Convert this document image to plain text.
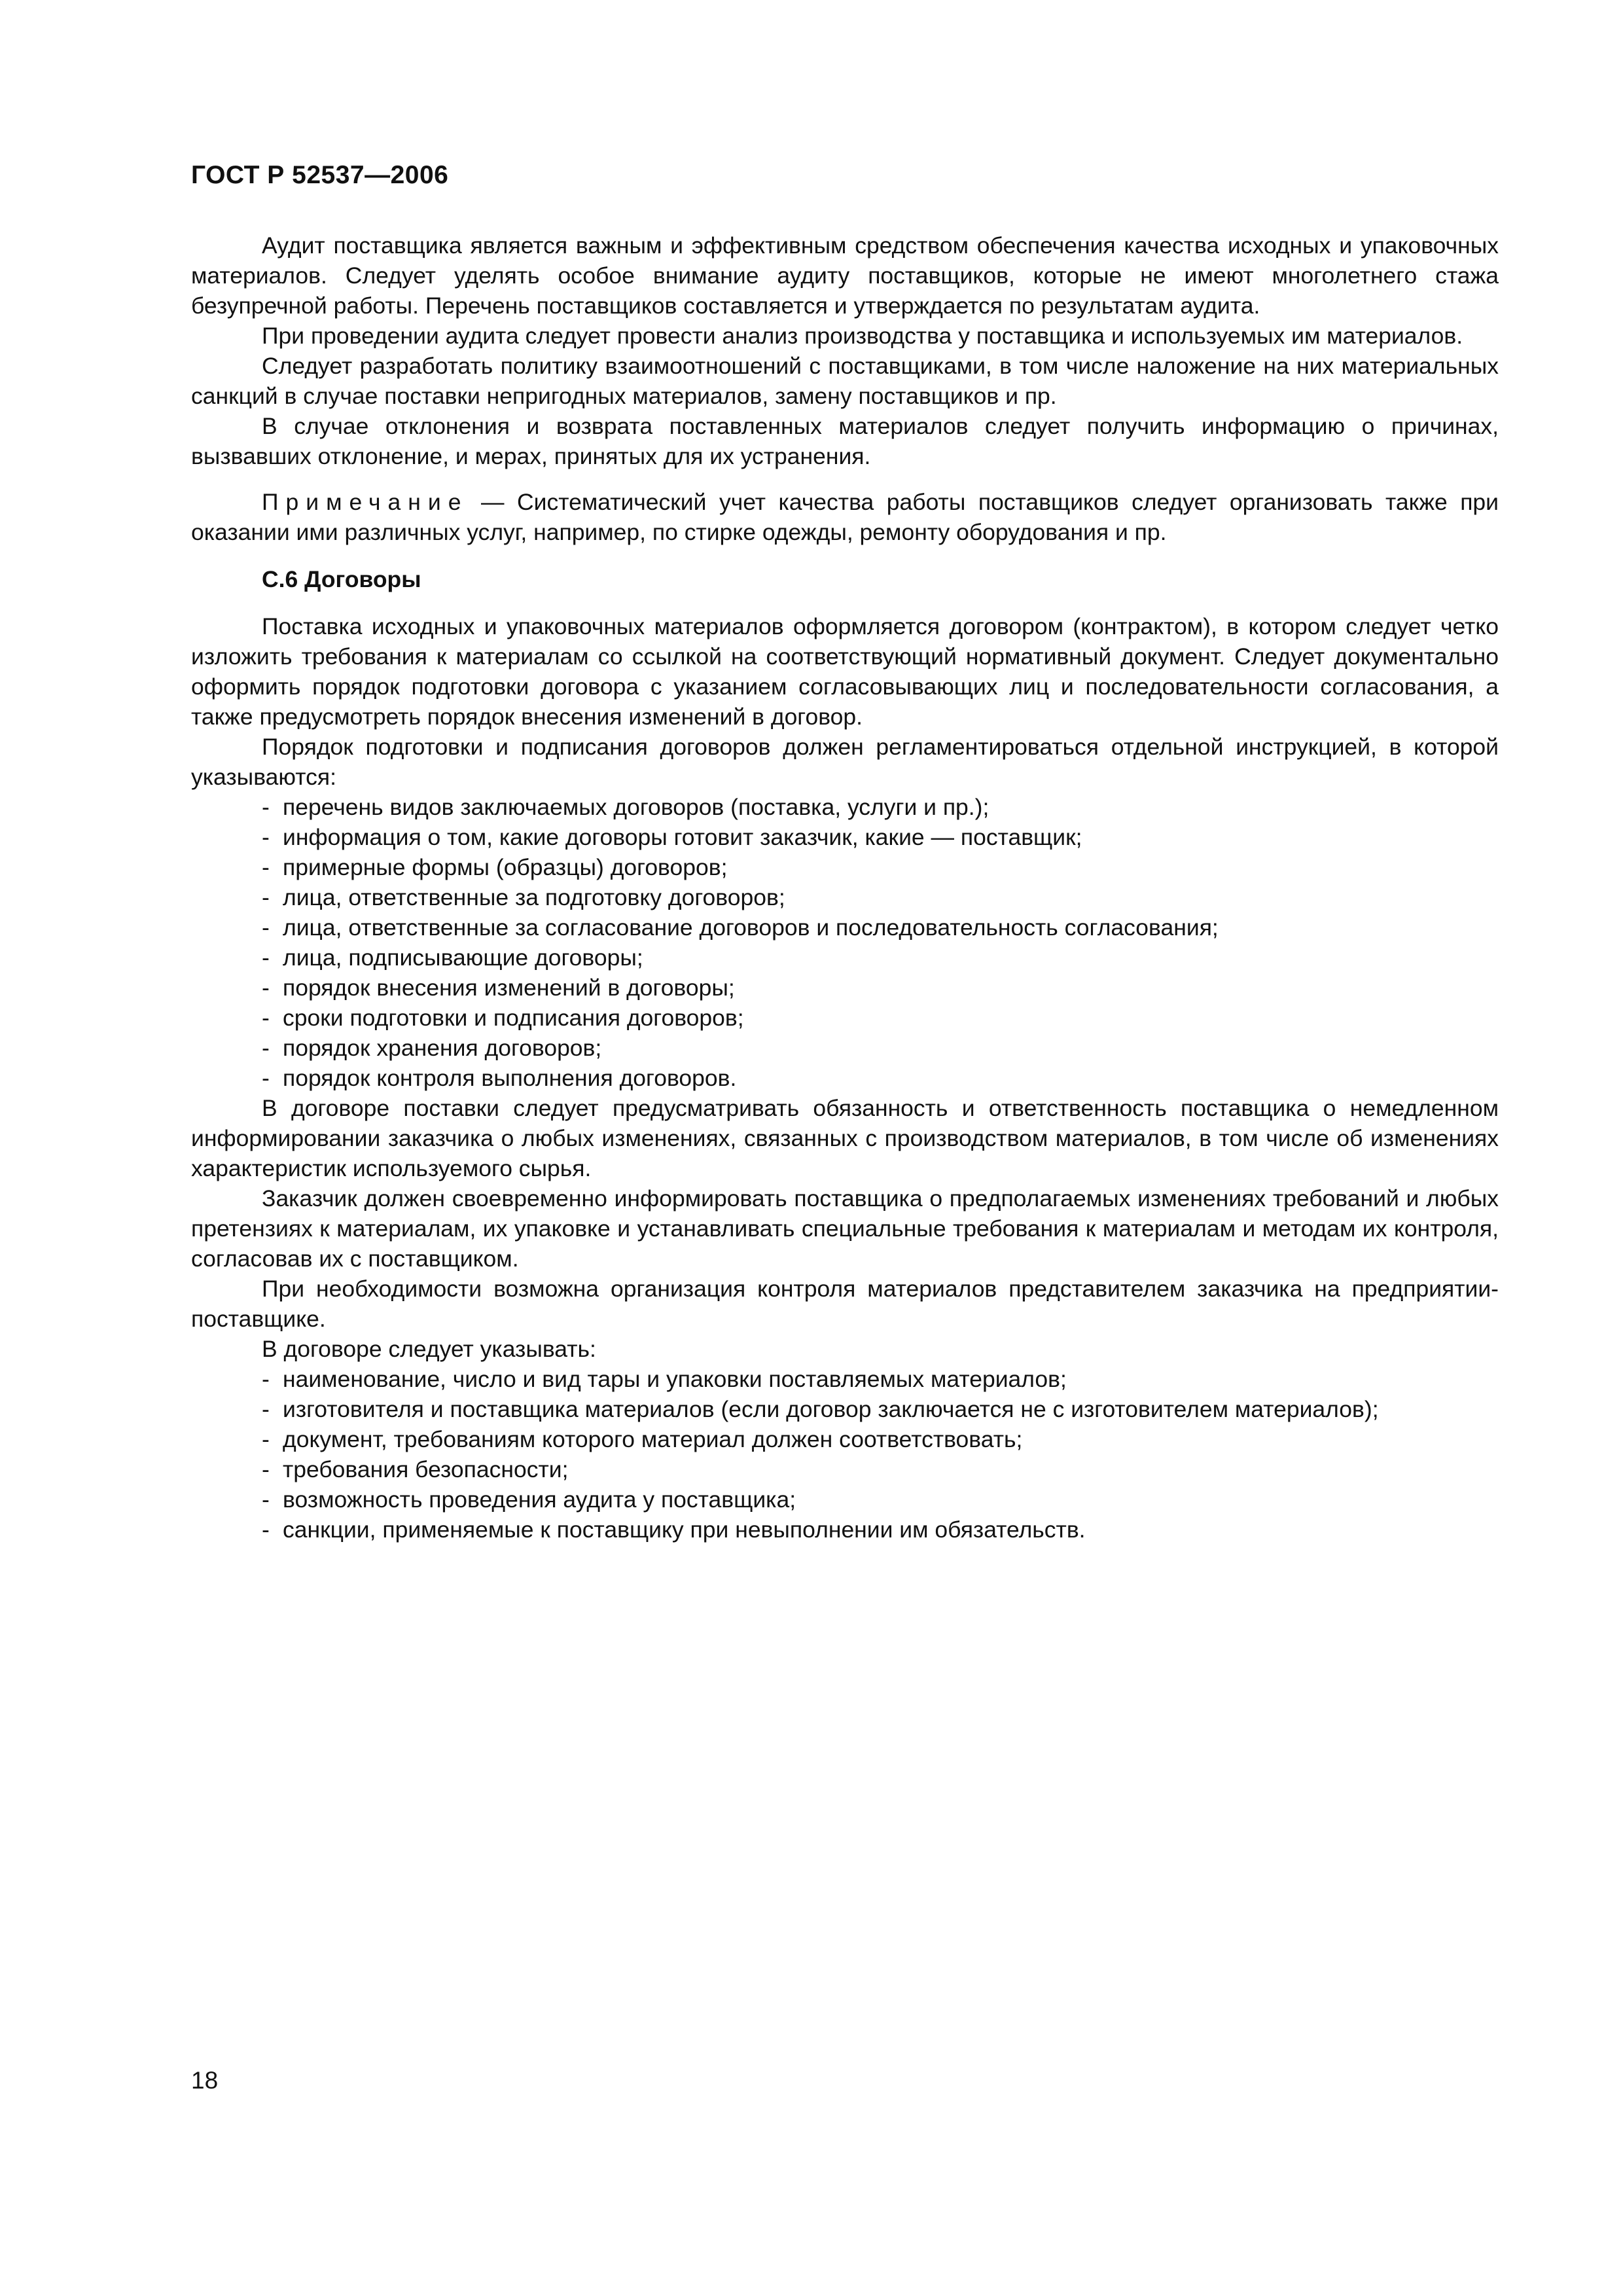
ГОСТ Р 52537—2006

Аудит поставщика является важным и эффективным средством обеспечения качества исходных и упаковочных материалов. Следует уделять особое внимание аудиту поставщиков, которые не имеют многолетнего стажа безупречной работы. Перечень поставщиков составляется и утверждается по результатам аудита.

При проведении аудита следует провести анализ производства у поставщика и используемых им материалов.

Следует разработать политику взаимоотношений с поставщиками, в том числе наложение на них материальных санкций в случае поставки непригодных материалов, замену поставщиков и пр.

В случае отклонения и возврата поставленных материалов следует получить информацию о причинах, вызвавших отклонение, и мерах, принятых для их устранения.

Примечание — Систематический учет качества работы поставщиков следует организовать также при оказании ими различных услуг, например, по стирке одежды, ремонту оборудования и пр.

С.6 Договоры

Поставка исходных и упаковочных материалов оформляется договором (контрактом), в котором следует четко изложить требования к материалам со ссылкой на соответствующий нормативный документ. Следует документально оформить порядок подготовки договора с указанием согласовывающих лиц и последовательности согласования, а также предусмотреть порядок внесения изменений в договор.

Порядок подготовки и подписания договоров должен регламентироваться отдельной инструкцией, в которой указываются:

- перечень видов заключаемых договоров (поставка, услуги и пр.);
- информация о том, какие договоры готовит заказчик, какие — поставщик;
- примерные формы (образцы) договоров;
- лица, ответственные за подготовку договоров;
- лица, ответственные за согласование договоров и последовательность согласования;
- лица, подписывающие договоры;
- порядок внесения изменений в договоры;
- сроки подготовки и подписания договоров;
- порядок хранения договоров;
- порядок контроля выполнения договоров.

В договоре поставки следует предусматривать обязанность и ответственность поставщика о немедленном информировании заказчика о любых изменениях, связанных с производством материалов, в том числе об изменениях характеристик используемого сырья.

Заказчик должен своевременно информировать поставщика о предполагаемых изменениях требований и любых претензиях к материалам, их упаковке и устанавливать специальные требования к материалам и методам их контроля, согласовав их с поставщиком.

При необходимости возможна организация контроля материалов представителем заказчика на предприятии-поставщике.

В договоре следует указывать:

- наименование, число и вид тары и упаковки поставляемых материалов;
- изготовителя и поставщика материалов (если договор заключается не с изготовителем материалов);
- документ, требованиям которого материал должен соответствовать;
- требования безопасности;
- возможность проведения аудита у поставщика;
- санкции, применяемые к поставщику при невыполнении им обязательств.
18
